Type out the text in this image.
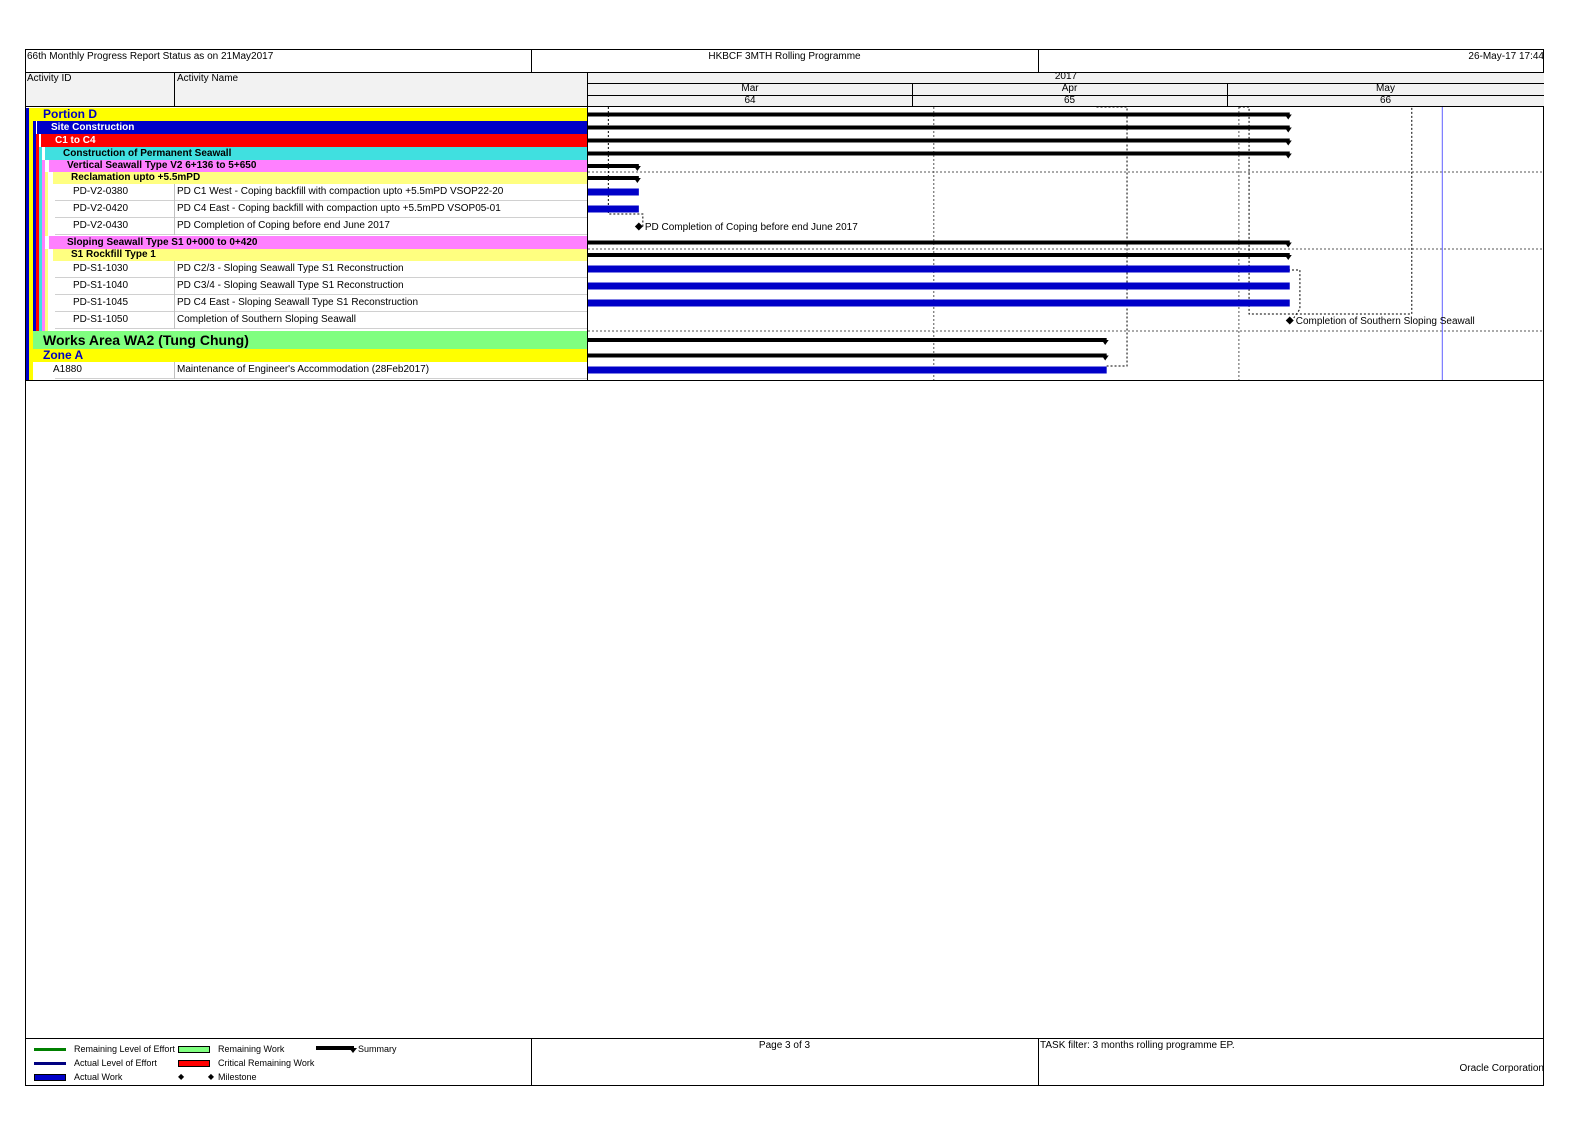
66th Monthly Progress Report Status as on 21May2017	HKBCF 3MTH Rolling Programme	26-May-17 17:44
Activity ID	Activity Name	2017
Mar
64
Apr
65
May
66
Portion D
Site Construction
C1 to C4
Construction of Permanent Seawall
Vertical Seawall Type V2 6+136 to 5+650
Reclamation upto +5.5mPD
PD-V2-0380	PD C1 West - Coping backfill with compaction upto +5.5mPD VSOP22-20
PD-V2-0420	PD C4 East - Coping backfill with compaction upto +5.5mPD VSOP05-01
PD-V2-0430	PD Completion of Coping before end June 2017
Sloping Seawall Type S1 0+000 to 0+420
S1 Rockfill Type 1
PD-S1-1030	PD C2/3 - Sloping Seawall Type S1 Reconstruction
PD-S1-1040	PD C3/4 - Sloping Seawall Type S1 Reconstruction
PD-S1-1045	PD C4 East - Sloping Seawall Type S1 Reconstruction
PD-S1-1050	Completion of Southern Sloping Seawall
Works Area WA2 (Tung Chung)
Zone A
A1880	Maintenance of Engineer's Accommodation (28Feb2017)
PD Completion of Coping before end June 2017
Completion of Southern Sloping Seawall
Remaining Level of Effort
Actual Level of Effort
Actual Work
Remaining Work
Critical Remaining Work
◆	◆ Milestone
Summary	Page 3 of 3	TASK filter: 3 months rolling programme EP.
Oracle Corporation
